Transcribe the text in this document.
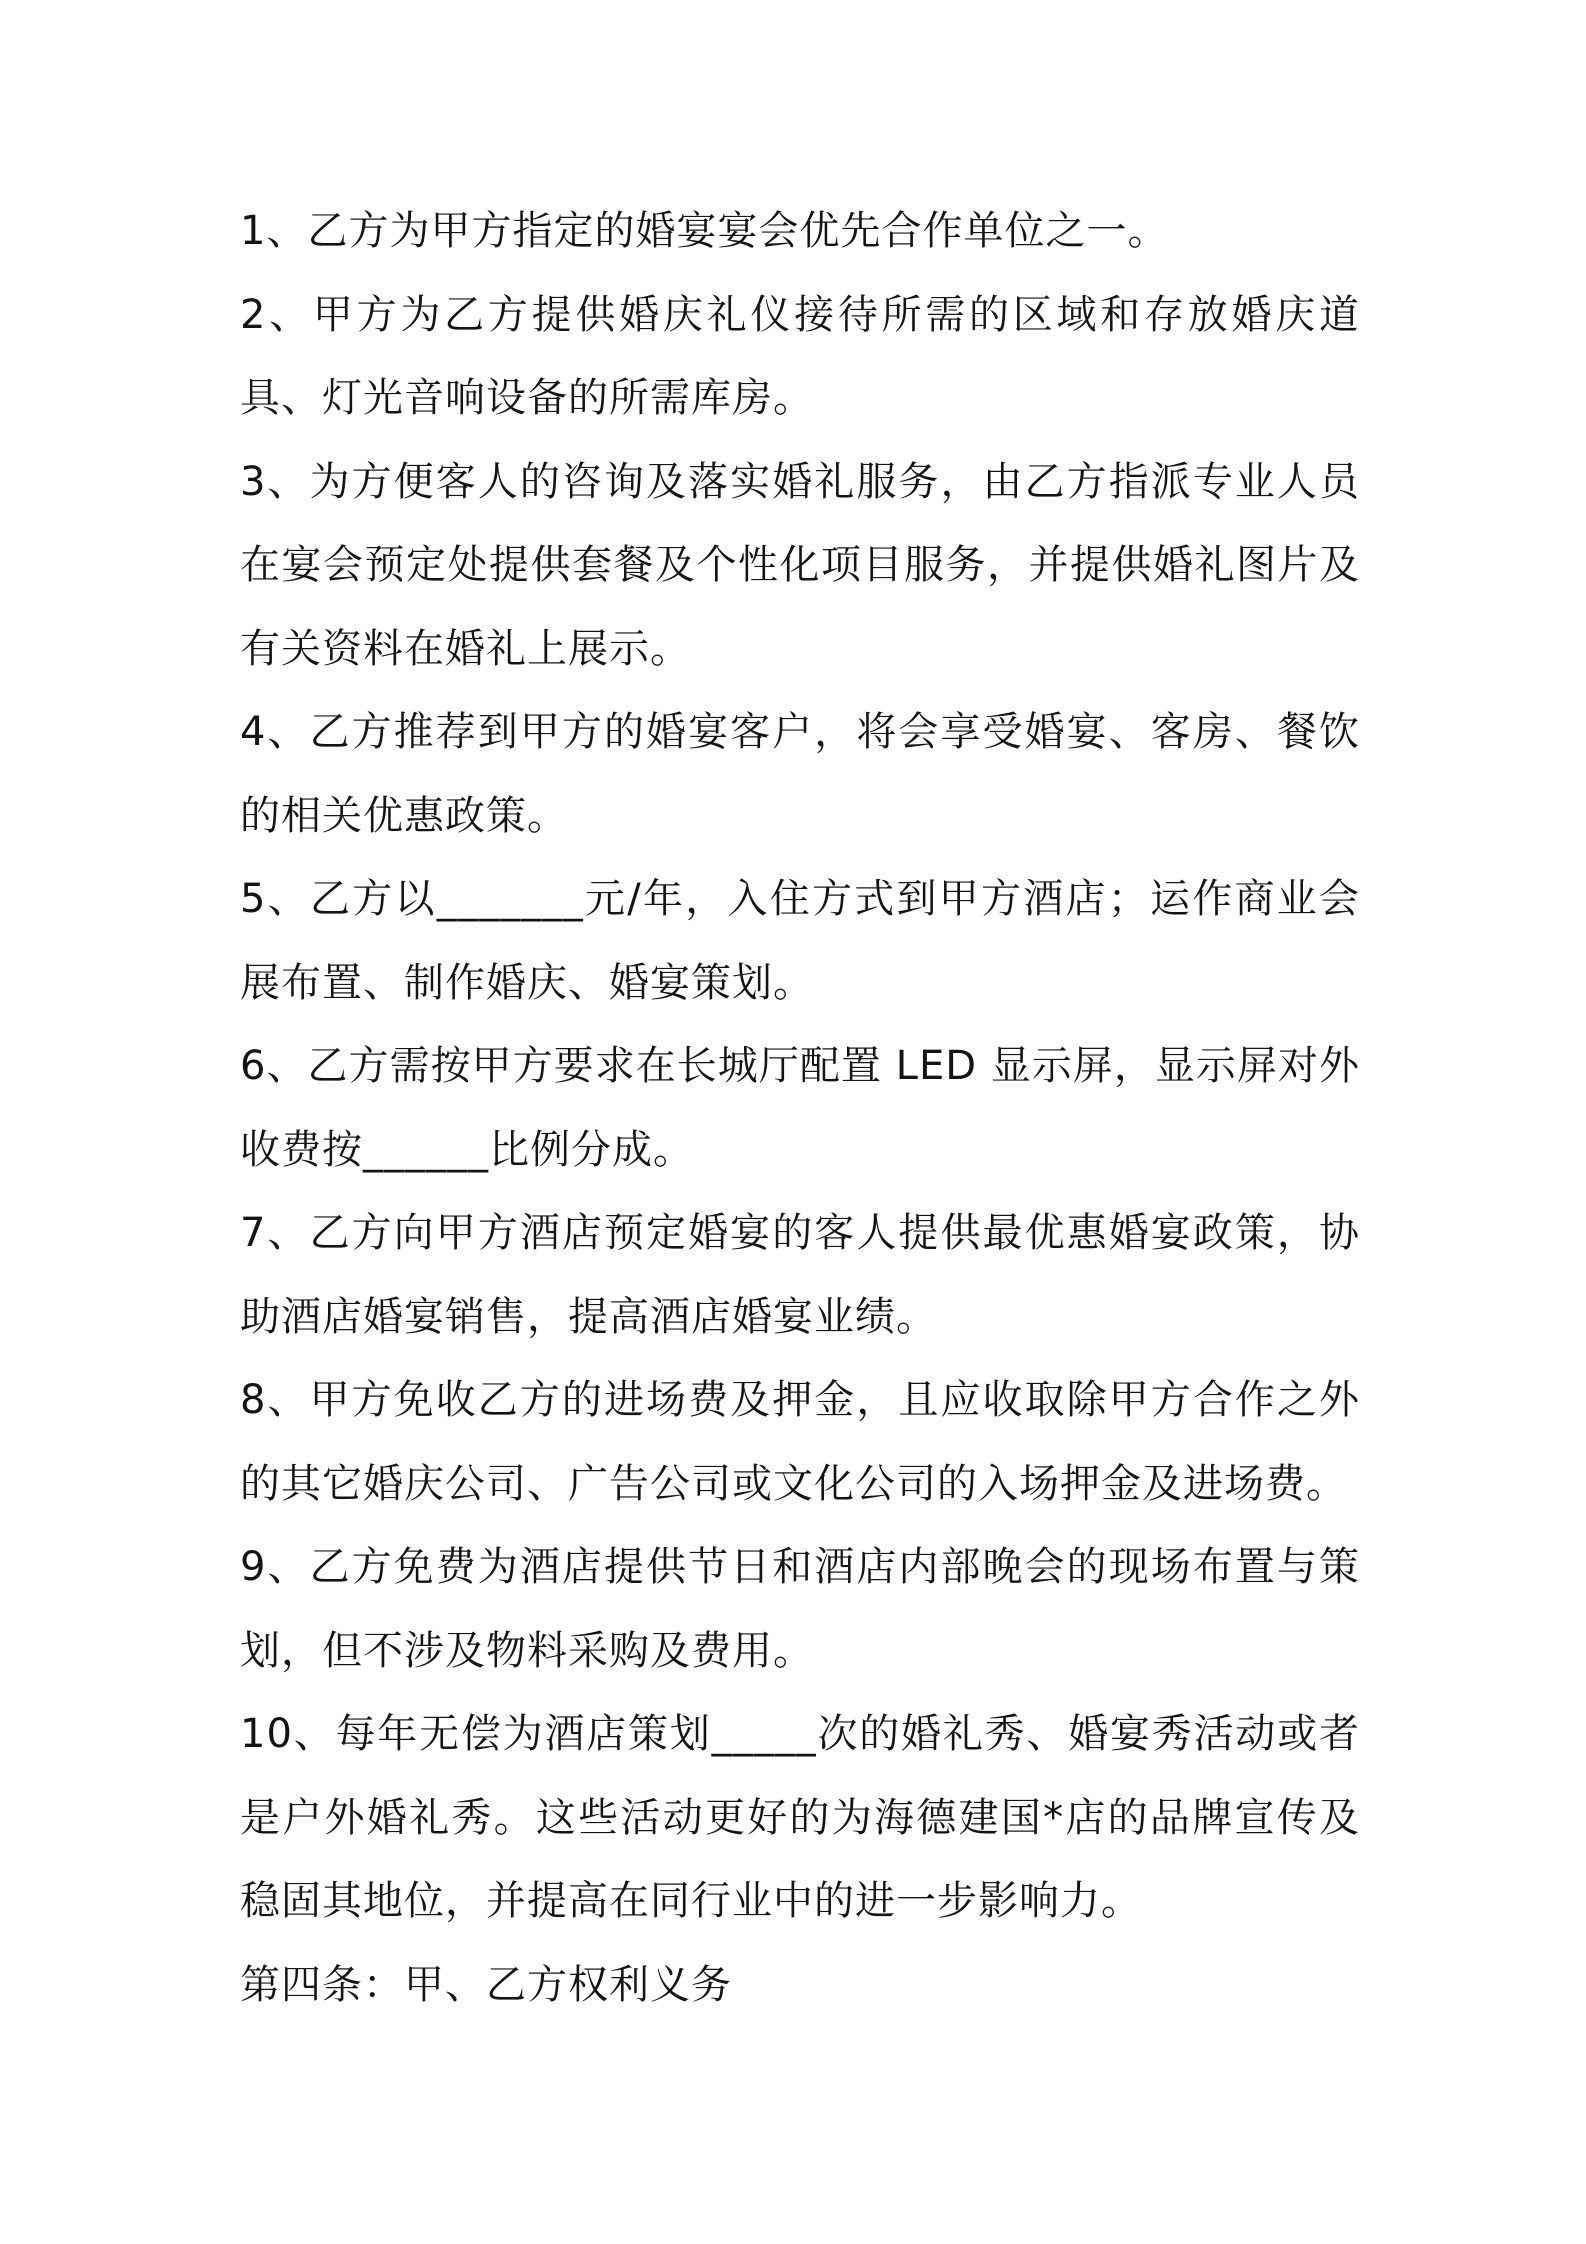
1、乙方为甲方指定的婚宴宴会优先合作单位之一。

2、甲方为乙方提供婚庆礼仪接待所需的区域和存放婚庆道具、灯光音响设备的所需库房。

3、为方便客人的咨询及落实婚礼服务，由乙方指派专业人员在宴会预定处提供套餐及个性化项目服务，并提供婚礼图片及有关资料在婚礼上展示。

4、乙方推荐到甲方的婚宴客户，将会享受婚宴、客房、餐饮的相关优惠政策。

5、乙方以_______元/年，入住方式到甲方酒店；运作商业会展布置、制作婚庆、婚宴策划。

6、乙方需按甲方要求在长城厅配置 LED 显示屏，显示屏对外收费按______比例分成。

7、乙方向甲方酒店预定婚宴的客人提供最优惠婚宴政策，协助酒店婚宴销售，提高酒店婚宴业绩。

8、甲方免收乙方的进场费及押金，且应收取除甲方合作之外的其它婚庆公司、广告公司或文化公司的入场押金及进场费。

9、乙方免费为酒店提供节日和酒店内部晚会的现场布置与策划，但不涉及物料采购及费用。

10、每年无偿为酒店策划_____次的婚礼秀、婚宴秀活动或者是户外婚礼秀。这些活动更好的为海德建国*店的品牌宣传及稳固其地位，并提高在同行业中的进一步影响力。

第四条：甲、乙方权利义务
